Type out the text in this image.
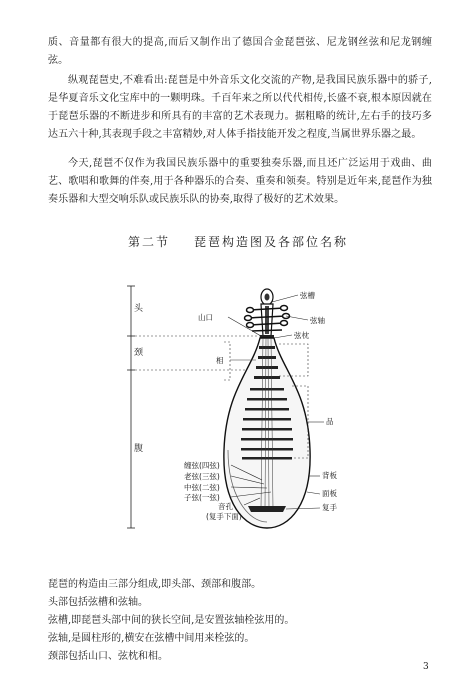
质、音量都有很大的提高,而后又制作出了德国合金琵琶弦、尼龙钢丝弦和尼龙钢缠弦。

纵观琵琶史,不难看出:琵琶是中外音乐文化交流的产物,是我国民族乐器中的骄子,是华夏音乐文化宝库中的一颗明珠。千百年来之所以代代相传,长盛不衰,根本原因就在于琵琶乐器的不断进步和所具有的丰富的艺术表现力。据粗略的统计,左右手的技巧多达五六十种,其表现手段之丰富精妙,对人体手指技能开发之程度,当属世界乐器之最。

今天,琵琶不仅作为我国民族乐器中的重要独奏乐器,而且还广泛运用于戏曲、曲艺、歌唱和歌舞的伴奏,用于各种器乐的合奏、重奏和领奏。特别是近年来,琵琶作为独奏乐器和大型交响乐队或民族乐队的协奏,取得了极好的艺术效果。

第二节 琵琶构造图及各部位名称
头
颈
腹
弦槽
山口	弦轴
弦枕
相
品
缠弦(四弦)
老弦(三弦)
中弦(二弦)
子弦(一弦)
音孔
(复手下面)
背板
面板
复手
琵琶的构造由三部分组成,即头部、颈部和腹部。
头部包括弦槽和弦轴。
弦槽,即琵琶头部中间的狭长空间,是安置弦轴栓弦用的。
弦轴,是圆柱形的,横安在弦槽中间用来栓弦的。
颈部包括山口、弦枕和相。
3
